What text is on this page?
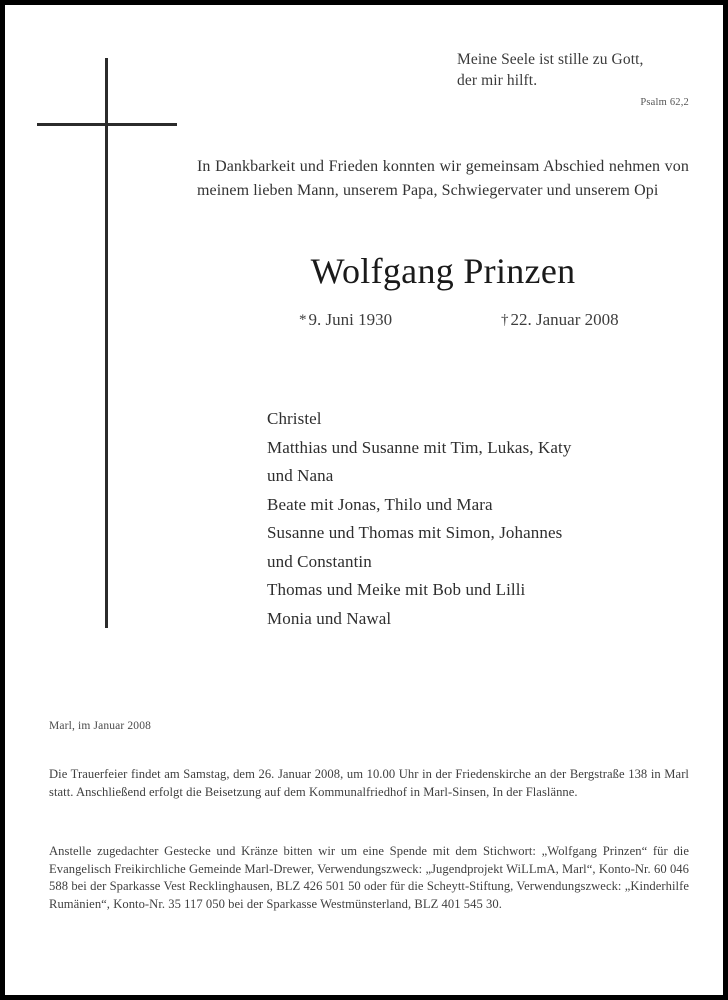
Meine Seele ist stille zu Gott,
der mir hilft.
Psalm 62,2
In Dankbarkeit und Frieden konnten wir gemeinsam Abschied nehmen von meinem lieben Mann, unserem Papa, Schwiegervater und unserem Opi
Wolfgang Prinzen
* 9. Juni 1930	† 22. Januar 2008
Christel
Matthias und Susanne mit Tim, Lukas, Katy
und Nana
Beate mit Jonas, Thilo und Mara
Susanne und Thomas mit Simon, Johannes
und Constantin
Thomas und Meike mit Bob und Lilli
Monia und Nawal
Marl, im Januar 2008
Die Trauerfeier findet am Samstag, dem 26. Januar 2008, um 10.00 Uhr in der Friedenskirche an der Bergstraße 138 in Marl statt. Anschließend erfolgt die Beisetzung auf dem Kommunalfriedhof in Marl-Sinsen, In der Flaslänne.
Anstelle zugedachter Gestecke und Kränze bitten wir um eine Spende mit dem Stichwort: „Wolfgang Prinzen“ für die Evangelisch Freikirchliche Gemeinde Marl-Drewer, Verwendungszweck: „Jugendprojekt WiLLmA, Marl“, Konto-Nr. 60 046 588 bei der Sparkasse Vest Recklinghausen, BLZ 426 501 50 oder für die Scheytt-Stiftung, Verwendungszweck: „Kinderhilfe Rumänien“, Konto-Nr. 35 117 050 bei der Sparkasse Westmünsterland, BLZ 401 545 30.
